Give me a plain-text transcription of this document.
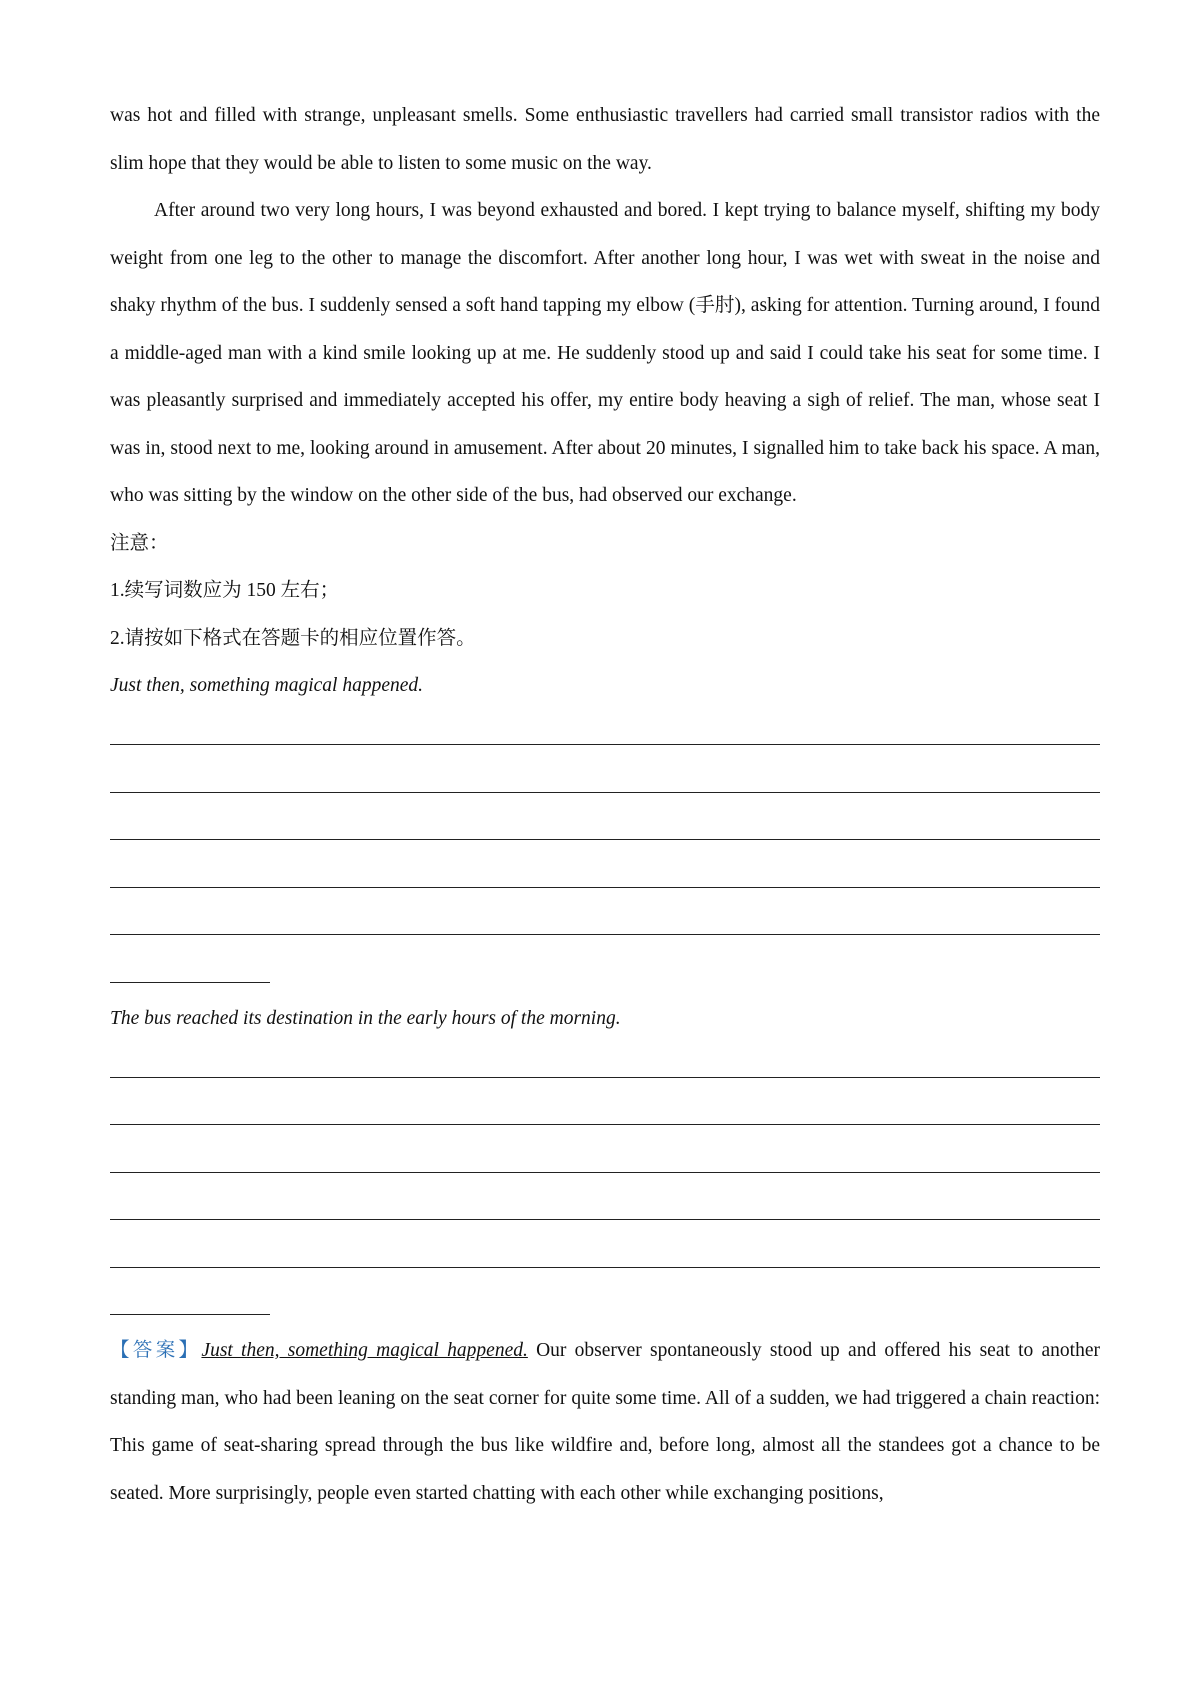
was hot and filled with strange, unpleasant smells. Some enthusiastic travellers had carried small transistor radios with the slim hope that they would be able to listen to some music on the way.

After around two very long hours, I was beyond exhausted and bored. I kept trying to balance myself, shifting my body weight from one leg to the other to manage the discomfort. After another long hour, I was wet with sweat in the noise and shaky rhythm of the bus. I suddenly sensed a soft hand tapping my elbow (手肘), asking for attention. Turning around, I found a middle-aged man with a kind smile looking up at me. He suddenly stood up and said I could take his seat for some time. I was pleasantly surprised and immediately accepted his offer, my entire body heaving a sigh of relief. The man, whose seat I was in, stood next to me, looking around in amusement. After about 20 minutes, I signalled him to take back his space. A man, who was sitting by the window on the other side of the bus, had observed our exchange.

注意：

1.续写词数应为 150 左右；

2.请按如下格式在答题卡的相应位置作答。

Just then, something magical happened.

The bus reached its destination in the early hours of the morning.

【答案】Just then, something magical happened. Our observer spontaneously stood up and offered his seat to another standing man, who had been leaning on the seat corner for quite some time. All of a sudden, we had triggered a chain reaction: This game of seat-sharing spread through the bus like wildfire and, before long, almost all the standees got a chance to be seated. More surprisingly, people even started chatting with each other while exchanging positions,
